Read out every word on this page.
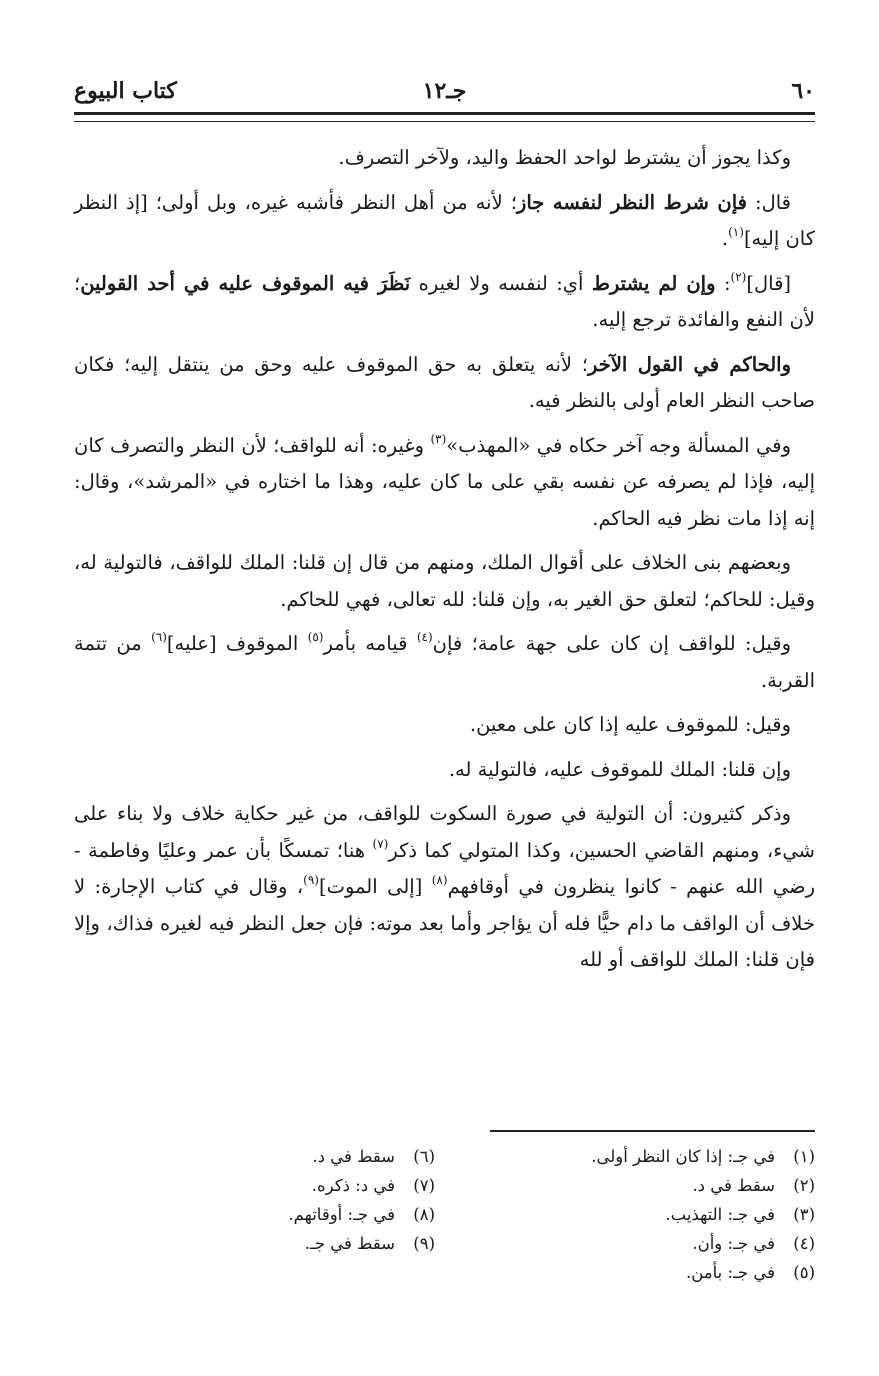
٦٠
جـ١٢
كتاب البيوع

وكذا يجوز أن يشترط لواحد الحفظ واليد، ولآخر التصرف.

قال: فإن شرط النظر لنفسه جاز؛ لأنه من أهل النظر فأشبه غيره، وبل أولى؛ [إذ النظر كان إليه]$^{(١)}$.

[قال]$^{(٢)}$: وإن لم يشترط أي: لنفسه ولا لغيره نَظَرَ فيه الموقوف عليه في أحد القولين؛ لأن النفع والفائدة ترجع إليه.

والحاكم في القول الآخر؛ لأنه يتعلق به حق الموقوف عليه وحق من ينتقل إليه؛ فكان صاحب النظر العام أولى بالنظر فيه.

وفي المسألة وجه آخر حكاه في «المهذب»$^{(٣)}$ وغيره: أنه للواقف؛ لأن النظر والتصرف كان إليه، فإذا لم يصرفه عن نفسه بقي على ما كان عليه، وهذا ما اختاره في «المرشد»، وقال: إنه إذا مات نظر فيه الحاكم.

وبعضهم بنى الخلاف على أقوال الملك، ومنهم من قال إن قلنا: الملك للواقف، فالتولية له، وقيل: للحاكم؛ لتعلق حق الغير به، وإن قلنا: لله تعالى، فهي للحاكم.

وقيل: للواقف إن كان على جهة عامة؛ فإن$^{(٤)}$ قيامه بأمر$^{(٥)}$ الموقوف [عليه]$^{(٦)}$ من تتمة القربة.

وقيل: للموقوف عليه إذا كان على معين.

وإن قلنا: الملك للموقوف عليه، فالتولية له.

وذكر كثيرون: أن التولية في صورة السكوت للواقف، من غير حكاية خلاف ولا بناء على شيء، ومنهم القاضي الحسين، وكذا المتولي كما ذكر$^{(٧)}$ هنا؛ تمسكًا بأن عمر وعليًا وفاطمة - رضي الله عنهم - كانوا ينظرون في أوقافهم$^{(٨)}$ [إلى الموت]$^{(٩)}$، وقال في كتاب الإجارة: لا خلاف أن الواقف ما دام حيًّا فله أن يؤاجر وأما بعد موته: فإن جعل النظر فيه لغيره فذاك، وإلا فإن قلنا: الملك للواقف أو لله

(١)في جـ: إذا كان النظر أولى.
(٢)سقط في د.
(٣)في جـ: التهذيب.
(٤)في جـ: وأن.
(٥)في جـ: بأمن.
(٦)سقط في د.
(٧)في د: ذكره.
(٨)في جـ: أوقاتهم.
(٩)سقط في جـ.
